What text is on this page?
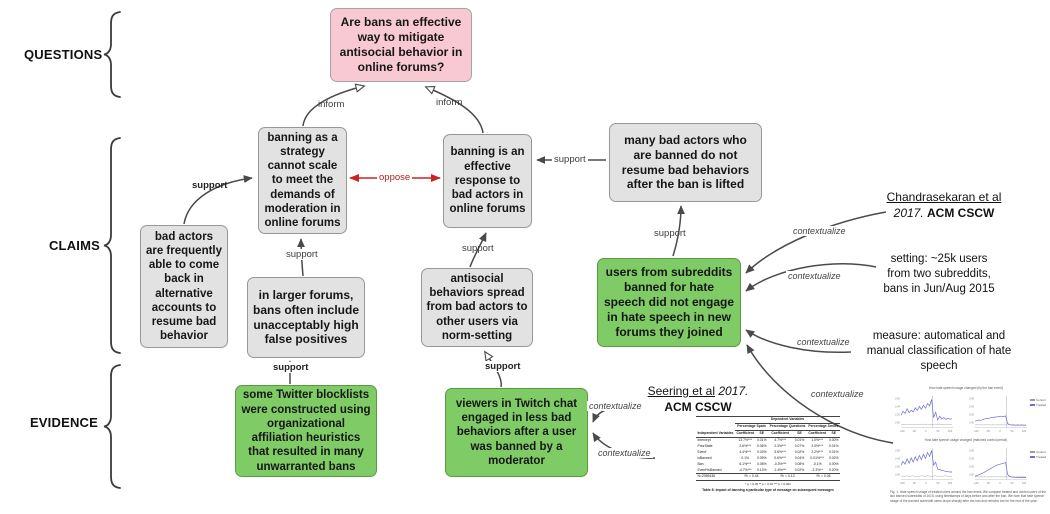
QUESTIONS
CLAIMS
EVIDENCE
Are bans an effective way to mitigate antisocial behavior in online forums?
banning as a strategy cannot scale to meet the demands of moderation in online forums
banning is an effective response to bad actors in online forums
many bad actors who are banned do not resume bad behaviors after the ban is lifted
bad actors are frequently able to come back in alternative accounts to resume bad behavior
in larger forums, bans often include unacceptably high false positives
antisocial behaviors spread from bad actors to other users via norm-setting
users from subreddits banned for hate speech did not engage in hate speech in new forums they joined
some Twitter blocklists were constructed using organizational affiliation heuristics that resulted in many unwarranted bans
viewers in Twitch chat engaged in less bad behaviors after a user was banned by a moderator
inform	inform
support
oppose
support
support
support
support
support	support
contextualize
contextualize
contextualize
contextualize
contextualize
contextualize
Chandrasekaran et al 2017. ACM CSCW
setting: ~25k users from two subreddits, bans in Jun/Aug 2015
measure: automatical and manual classification of hate speech
Seering et al 2017.
ACM CSCW
	Dependent Variables					
	Percentage Spam		Percentage Questions		Percentage Smiles	
Independent Variables	Coefficient	SE	Coefficient	SE	Coefficient	SE
Intercept	13.7%***	0.01%	4.7%***	0.01%	1.0%***	0.00%
PriorState	2.6%***	0.06%	2.3%***	0.07%	2.0%***	0.01%
Event'	4.4%***	0.03%	3.6%***	0.02%	2.2%***	0.01%
isBanned	0.1%	0.09%	0.6%***	0.04%	0.01%***	0.02%
Ban	6.1%***	0.08%	-0.3%***	0.08%	-0.1%	0.00%
Event*isBanned	-4.7%***	0.13%	-1.6%***	0.02%	-2.3%**	0.20%
N=2055436	R² = 0.44		R² = 0.13		R² = 0.06	
* p < 0.05 ** p < 0.01 *** p < 0.001
Table 8: Impact of banning a particular type of message on subsequent messages
How hate speech usage changed (by the ban event)
How hate speech usage changed (matched control period)
0.06
0.04
0.02
0.00
-100	-50	0	50	100
0.06
0.04
0.02
0.00
-100	-50	0	50	100
Control
Treated
0.06
0.04
0.02
0.00
-100	-50	0	50	100
0.06
0.04
0.02
0.00
-100	-50	0	50	100
Control
Treated
Fig. 1: Hate speech usage of treated users around the ban event. We compare treated and control users of the two banned subreddits of 2015, using timestamps of days before and after the ban. We note that hate speech usage of the banned subreddit users drops sharply after the ban and remains low for the rest of the year.
